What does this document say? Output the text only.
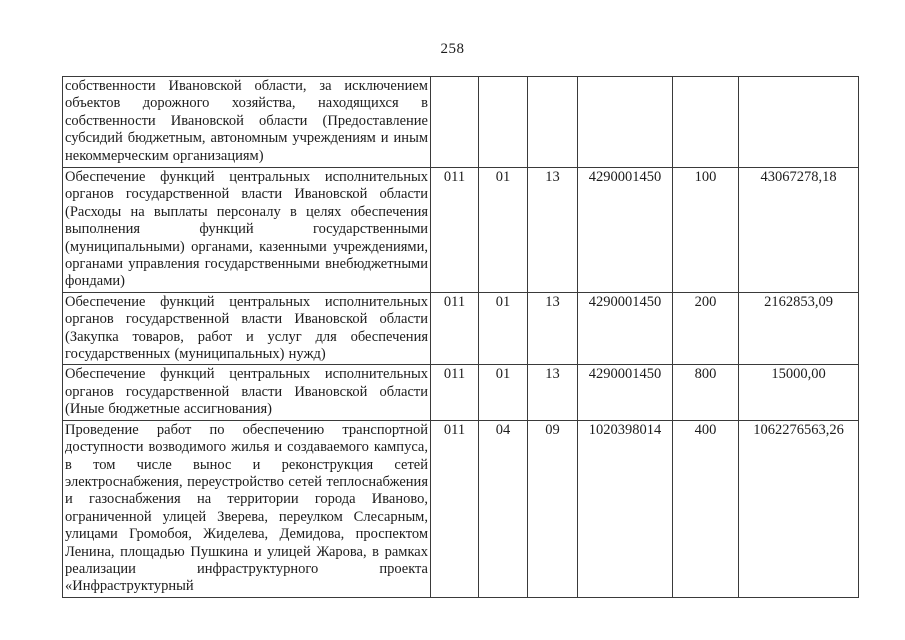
258
собственности Ивановской области, за исключением объектов дорожного хозяйства, находящихся в собственности Ивановской области (Предоставление субсидий бюджетным, автономным учреждениям и иным некоммерческим организациям)						
Обеспечение функций центральных исполнительных органов государственной власти Ивановской области (Расходы на выплаты персоналу в целях обеспечения выполнения функций государственными (муниципальными) органами, казенными учреждениями, органами управления государственными внебюджетными фондами)	011	01	13	4290001450	100	43067278,18
Обеспечение функций центральных исполнительных органов государственной власти Ивановской области (Закупка товаров, работ и услуг для обеспечения государственных (муниципальных) нужд)	011	01	13	4290001450	200	2162853,09
Обеспечение функций центральных исполнительных органов государственной власти Ивановской области (Иные бюджетные ассигнования)	011	01	13	4290001450	800	15000,00
Проведение работ по обеспечению транспортной доступности возводимого жилья и создаваемого кампуса, в том числе вынос и реконструкция сетей электроснабжения, переустройство сетей теплоснабжения и газоснабжения на территории города Иваново, ограниченной улицей Зверева, переулком Слесарным, улицами Громобоя, Жиделева, Демидова, проспектом Ленина, площадью Пушкина и улицей Жарова, в рамках реализации инфраструктурного проекта «Инфраструктурный	011	04	09	1020398014	400	1062276563,26
